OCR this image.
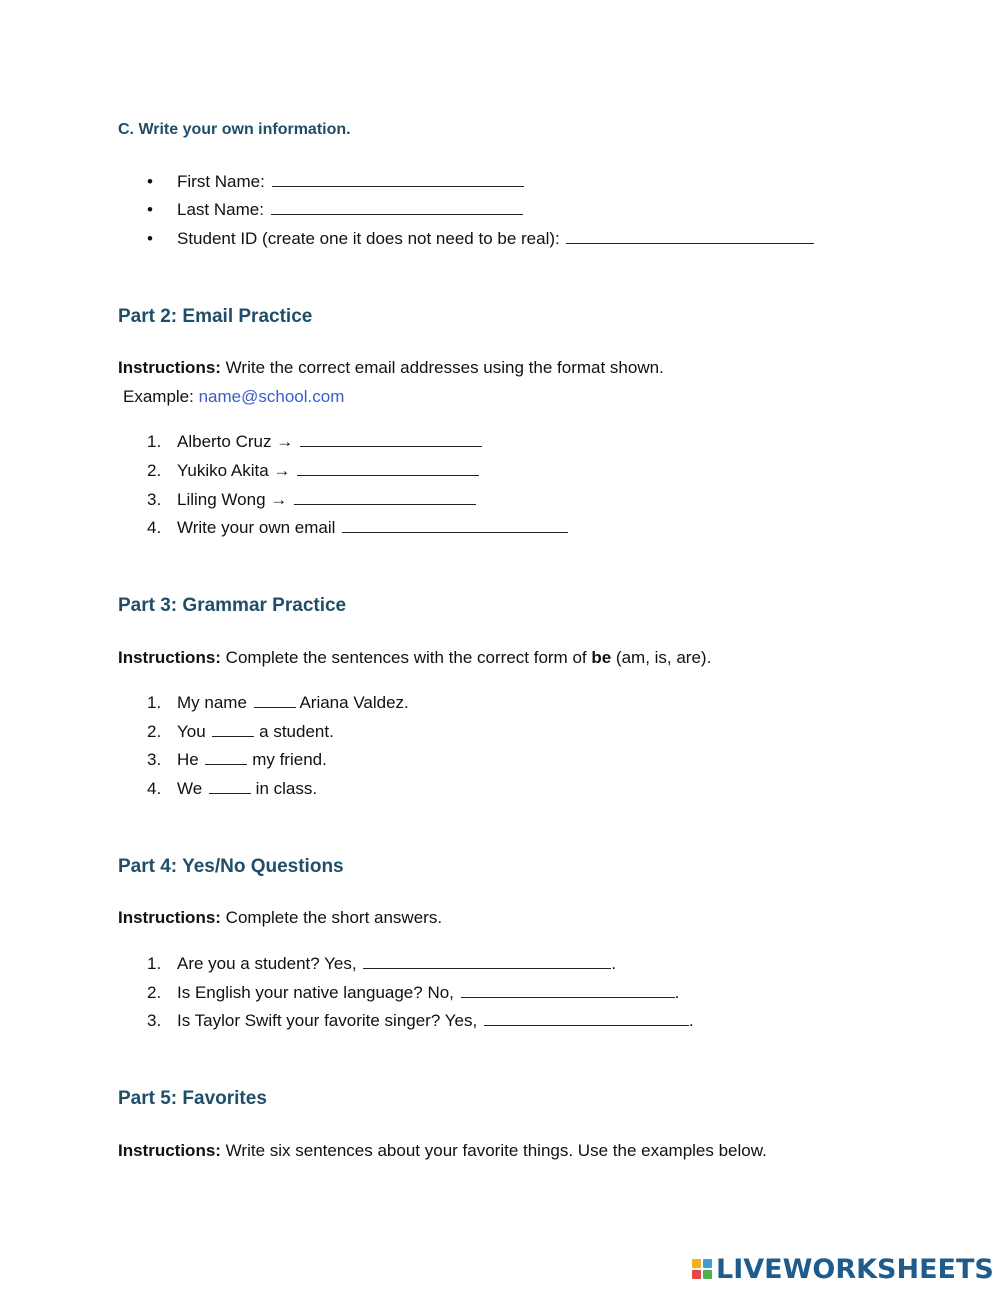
C. Write your own information.
• First Name:
• Last Name:
• Student ID (create one it does not need to be real):
Part 2: Email Practice
Instructions: Write the correct email addresses using the format shown.
Example: name@school.com
1. Alberto Cruz →
2. Yukiko Akita →
3. Liling Wong →
4. Write your own email
Part 3: Grammar Practice
Instructions: Complete the sentences with the correct form of be (am, is, are).
1. My name	Ariana Valdez.
2. You	a student.
3. He	my friend.
4. We	in class.
Part 4: Yes/No Questions
Instructions: Complete the short answers.
1. Are you a student? Yes,	.
2. Is English your native language? No,	.
3. Is Taylor Swift your favorite singer? Yes,	.
Part 5: Favorites
Instructions: Write six sentences about your favorite things. Use the examples below.
LIVEWORKSHEETS
